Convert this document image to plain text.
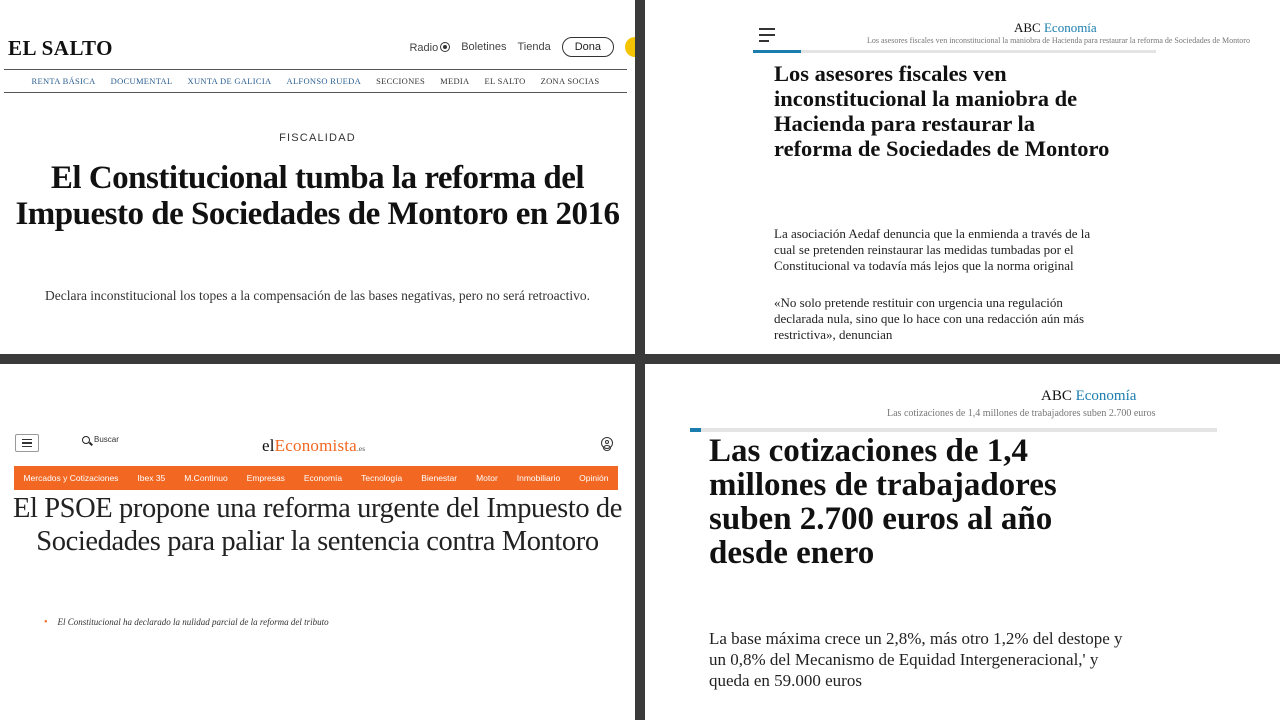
EL SALTO	Radio	Boletines Tienda	Dona
RENTA BÁSICA DOCUMENTAL XUNTA DE GALICIA ALFONSO RUEDA SECCIONES MEDIA EL SALTO ZONA SOCIAS
FISCALIDAD
El Constitucional tumba la reforma del Impuesto de Sociedades de Montoro en 2016
Declara inconstitucional los topes a la compensación de las bases negativas, pero no será retroactivo.
ABC Economía
Los asesores fiscales ven inconstitucional la maniobra de Hacienda para restaurar la reforma de Sociedades de Montoro
Los asesores fiscales ven inconstitucional la maniobra de Hacienda para restaurar la reforma de Sociedades de Montoro
La asociación Aedaf denuncia que la enmienda a través de la cual se pretenden reinstaurar las medidas tumbadas por el Constitucional va todavía más lejos que la norma original
«No solo pretende restituir con urgencia una regulación declarada nula, sino que lo hace con una redacción aún más restrictiva», denuncian
Buscar	elEconomista.es
Mercados y Cotizaciones Ibex 35 M.Continuo Empresas Economía Tecnología Bienestar Motor Inmobiliario Opinión
El PSOE propone una reforma urgente del Impuesto de Sociedades para paliar la sentencia contra Montoro
• El Constitucional ha declarado la nulidad parcial de la reforma del tributo
ABC Economía
Las cotizaciones de 1,4 millones de trabajadores suben 2.700 euros
Las cotizaciones de 1,4 millones de trabajadores suben 2.700 euros al año desde enero
La base máxima crece un 2,8%, más otro 1,2% del destope y un 0,8% del Mecanismo de Equidad Intergeneracional,' y queda en 59.000 euros
